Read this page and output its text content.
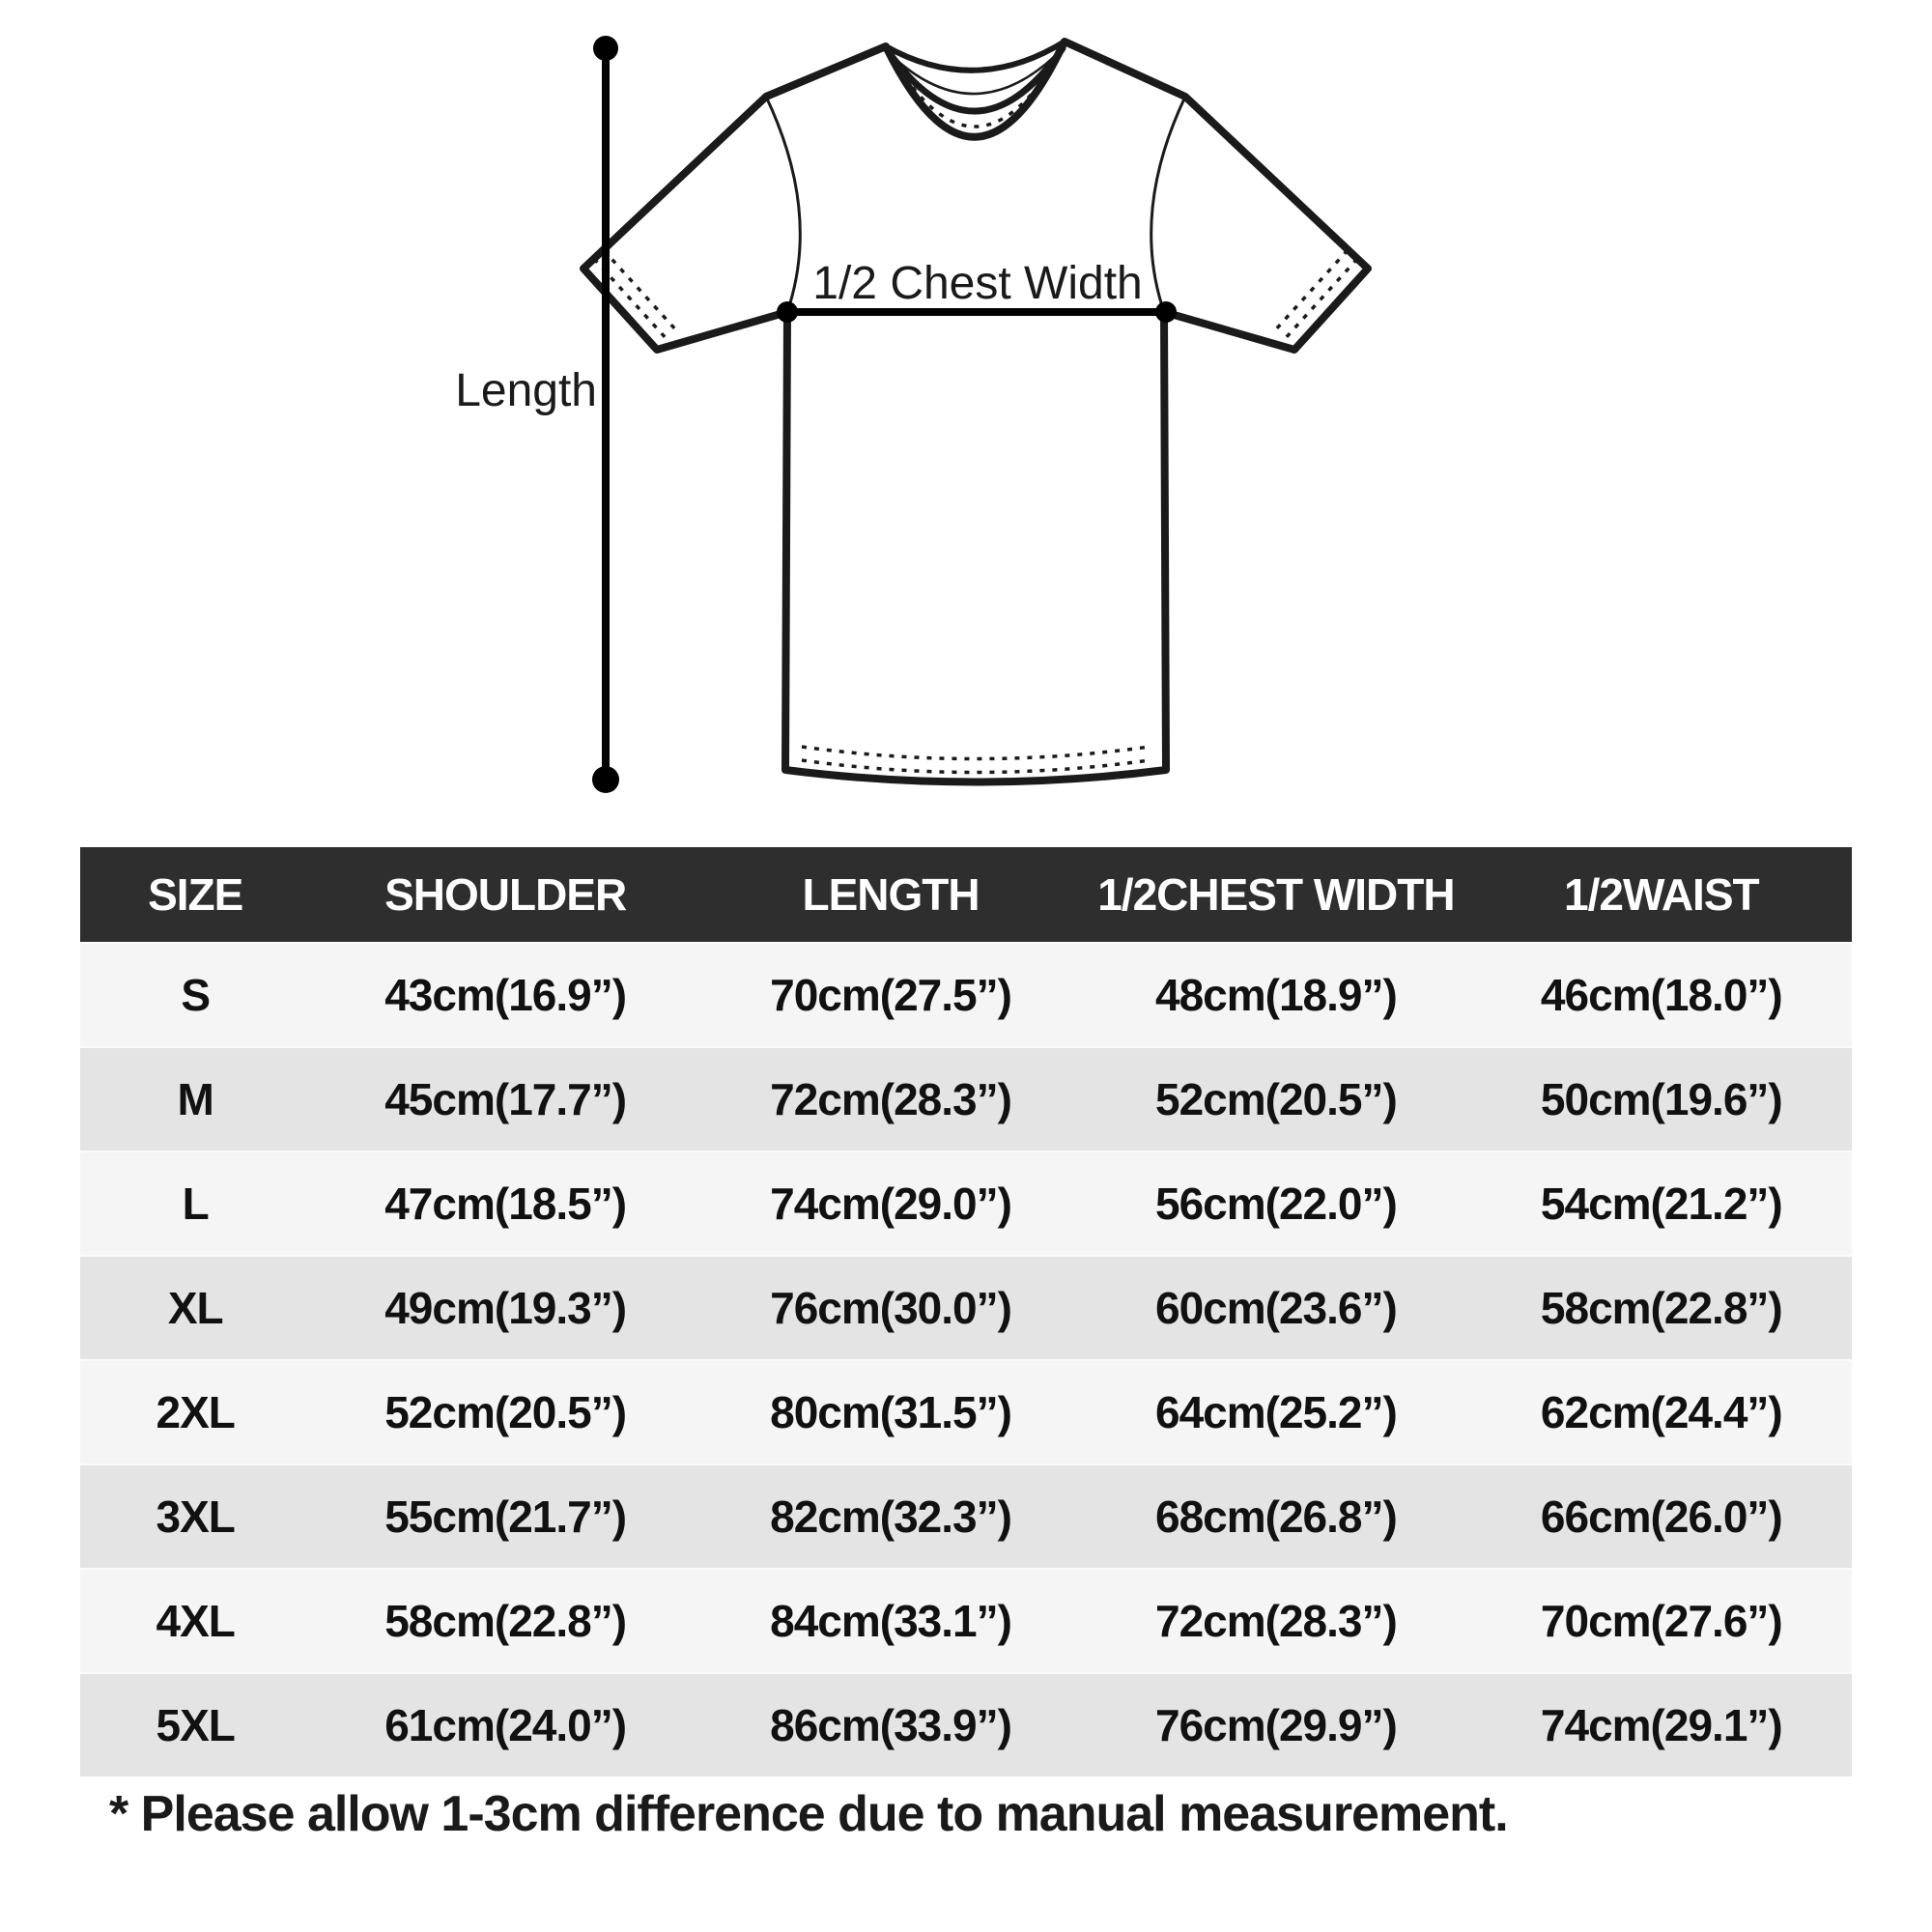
Length
1/2 Chest Width
SIZE	SHOULDER	LENGTH	1/2CHEST WIDTH	1/2WAIST
S	43cm(16.9”)	70cm(27.5”)	48cm(18.9”)	46cm(18.0”)
M	45cm(17.7”)	72cm(28.3”)	52cm(20.5”)	50cm(19.6”)
L	47cm(18.5”)	74cm(29.0”)	56cm(22.0”)	54cm(21.2”)
XL	49cm(19.3”)	76cm(30.0”)	60cm(23.6”)	58cm(22.8”)
2XL	52cm(20.5”)	80cm(31.5”)	64cm(25.2”)	62cm(24.4”)
3XL	55cm(21.7”)	82cm(32.3”)	68cm(26.8”)	66cm(26.0”)
4XL	58cm(22.8”)	84cm(33.1”)	72cm(28.3”)	70cm(27.6”)
5XL	61cm(24.0”)	86cm(33.9”)	76cm(29.9”)	74cm(29.1”)

* Please allow 1-3cm difference due to manual measurement.
